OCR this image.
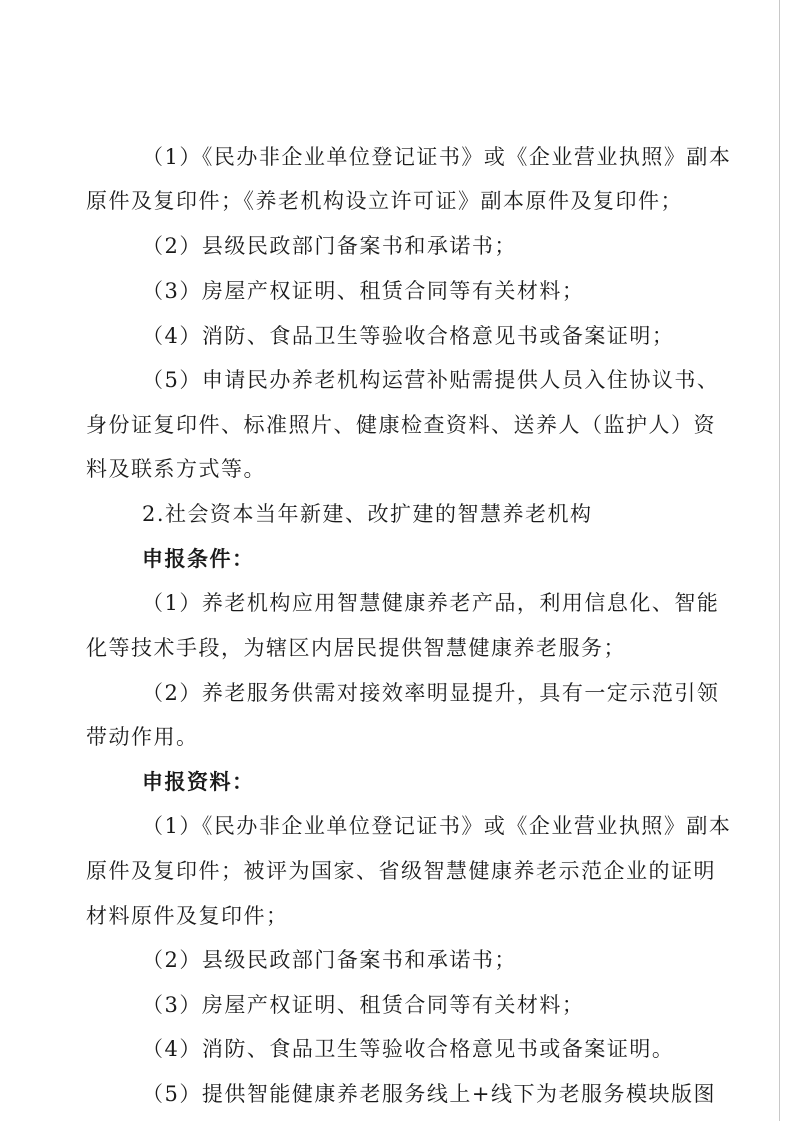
（1）《民办非企业单位登记证书》或《企业营业执照》副本
原件及复印件；《养老机构设立许可证》副本原件及复印件；
（2）县级民政部门备案书和承诺书；
（3）房屋产权证明、租赁合同等有关材料；
（4）消防、食品卫生等验收合格意见书或备案证明；
（5）申请民办养老机构运营补贴需提供人员入住协议书、
身份证复印件、标准照片、健康检查资料、送养人（监护人）资
料及联系方式等。
2.社会资本当年新建、改扩建的智慧养老机构
申报条件：
（1）养老机构应用智慧健康养老产品，利用信息化、智能
化等技术手段，为辖区内居民提供智慧健康养老服务；
（2）养老服务供需对接效率明显提升，具有一定示范引领
带动作用。
申报资料：
（1）《民办非企业单位登记证书》或《企业营业执照》副本
原件及复印件；被评为国家、省级智慧健康养老示范企业的证明
材料原件及复印件；
（2）县级民政部门备案书和承诺书；
（3）房屋产权证明、租赁合同等有关材料；
（4）消防、食品卫生等验收合格意见书或备案证明。
（5）提供智能健康养老服务线上+线下为老服务模块版图
